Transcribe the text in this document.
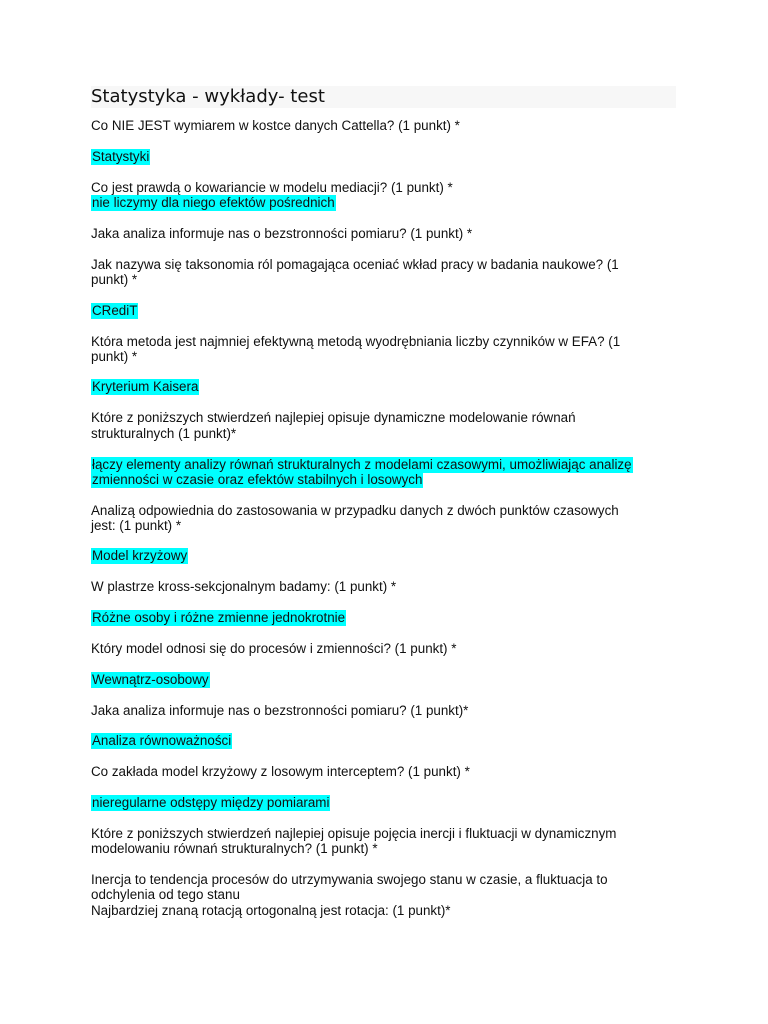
Statystyka - wykłady- test

Co NIE JEST wymiarem w kostce danych Cattella? (1 punkt) *

Statystyki

Co jest prawdą o kowariancie w modelu mediacji? (1 punkt) *

nie liczymy dla niego efektów pośrednich

Jaka analiza informuje nas o bezstronności pomiaru? (1 punkt) *

Jak nazywa się taksonomia ról pomagająca oceniać wkład pracy w badania naukowe? (1

punkt) *

CRediT

Która metoda jest najmniej efektywną metodą wyodrębniania liczby czynników w EFA? (1

punkt) *

Kryterium Kaisera

Które z poniższych stwierdzeń najlepiej opisuje dynamiczne modelowanie równań

strukturalnych (1 punkt)*

łączy elementy analizy równań strukturalnych z modelami czasowymi, umożliwiając analizę

zmienności w czasie oraz efektów stabilnych i losowych

Analizą odpowiednia do zastosowania w przypadku danych z dwóch punktów czasowych

jest: (1 punkt) *

Model krzyżowy

W plastrze kross-sekcjonalnym badamy: (1 punkt) *

Różne osoby i różne zmienne jednokrotnie

Który model odnosi się do procesów i zmienności? (1 punkt) *

Wewnątrz-osobowy

Jaka analiza informuje nas o bezstronności pomiaru? (1 punkt)*

Analiza równoważności

Co zakłada model krzyżowy z losowym interceptem? (1 punkt) *

nieregularne odstępy między pomiarami

Które z poniższych stwierdzeń najlepiej opisuje pojęcia inercji i fluktuacji w dynamicznym

modelowaniu równań strukturalnych? (1 punkt) *

Inercja to tendencja procesów do utrzymywania swojego stanu w czasie, a fluktuacja to

odchylenia od tego stanu

Najbardziej znaną rotacją ortogonalną jest rotacja: (1 punkt)*
